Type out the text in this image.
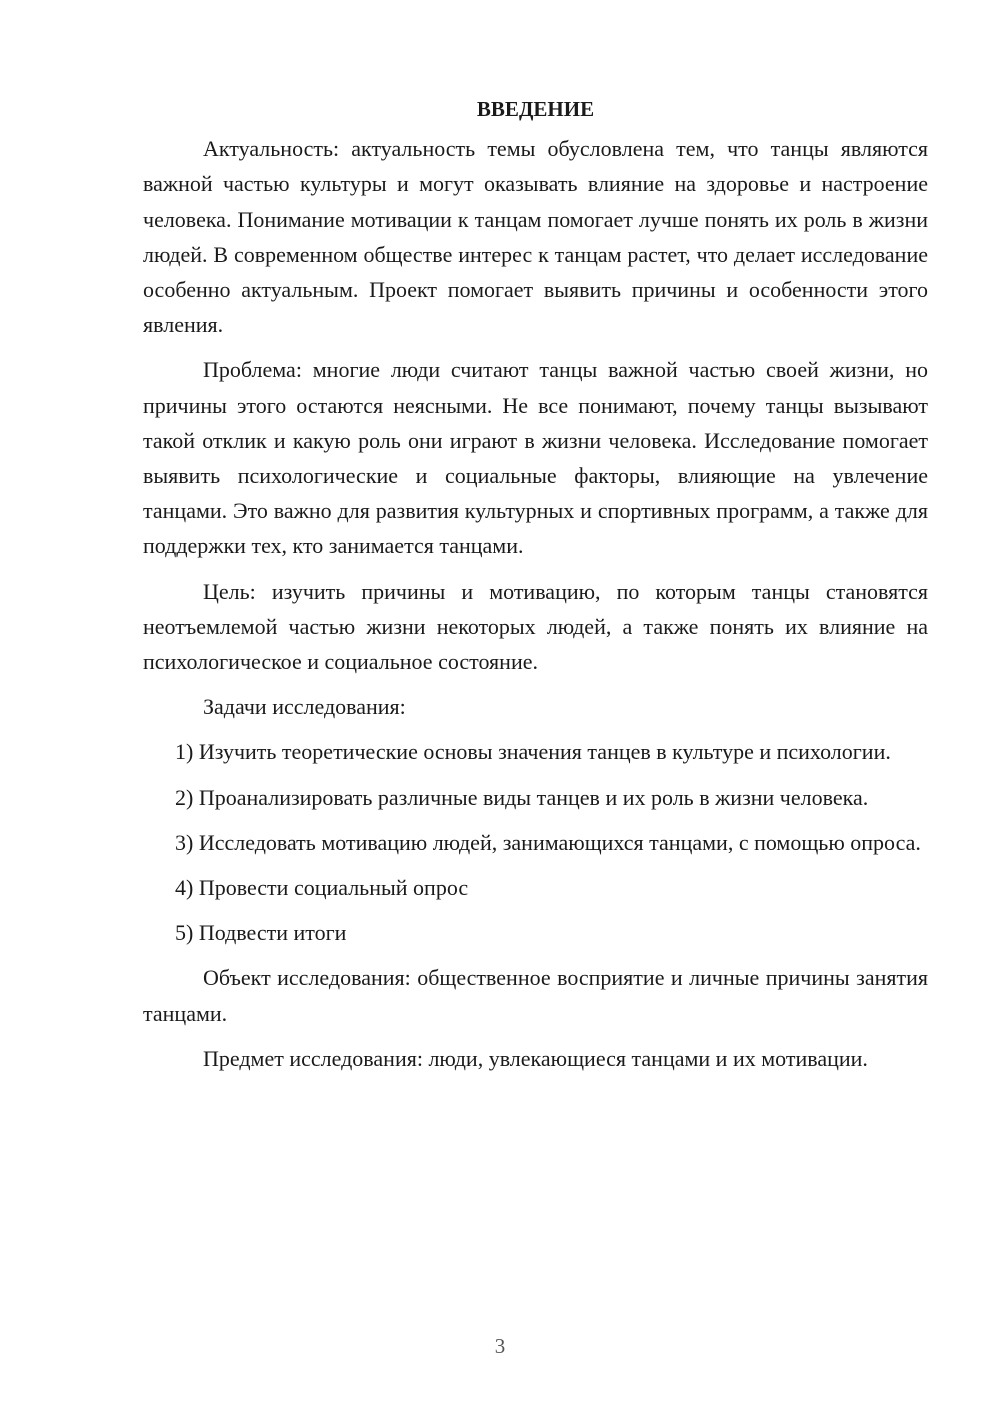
ВВЕДЕНИЕ

Актуальность: актуальность темы обусловлена тем, что танцы являются важной частью культуры и могут оказывать влияние на здоровье и настроение человека. Понимание мотивации к танцам помогает лучше понять их роль в жизни людей. В современном обществе интерес к танцам растет, что делает исследование особенно актуальным. Проект помогает выявить причины и особенности этого явления.

Проблема: многие люди считают танцы важной частью своей жизни, но причины этого остаются неясными. Не все понимают, почему танцы вызывают такой отклик и какую роль они играют в жизни человека. Исследование помогает выявить психологические и социальные факторы, влияющие на увлечение танцами. Это важно для развития культурных и спортивных программ, а также для поддержки тех, кто занимается танцами.

Цель: изучить причины и мотивацию, по которым танцы становятся неотъемлемой частью жизни некоторых людей, а также понять их влияние на психологическое и социальное состояние.

Задачи исследования:

1) Изучить теоретические основы значения танцев в культуре и психологии.

2) Проанализировать различные виды танцев и их роль в жизни человека.

3) Исследовать мотивацию людей, занимающихся танцами, с помощью опроса.

4) Провести социальный опрос

5) Подвести итоги

Объект исследования: общественное восприятие и личные причины занятия танцами.

Предмет исследования: люди, увлекающиеся танцами и их мотивации.

3
